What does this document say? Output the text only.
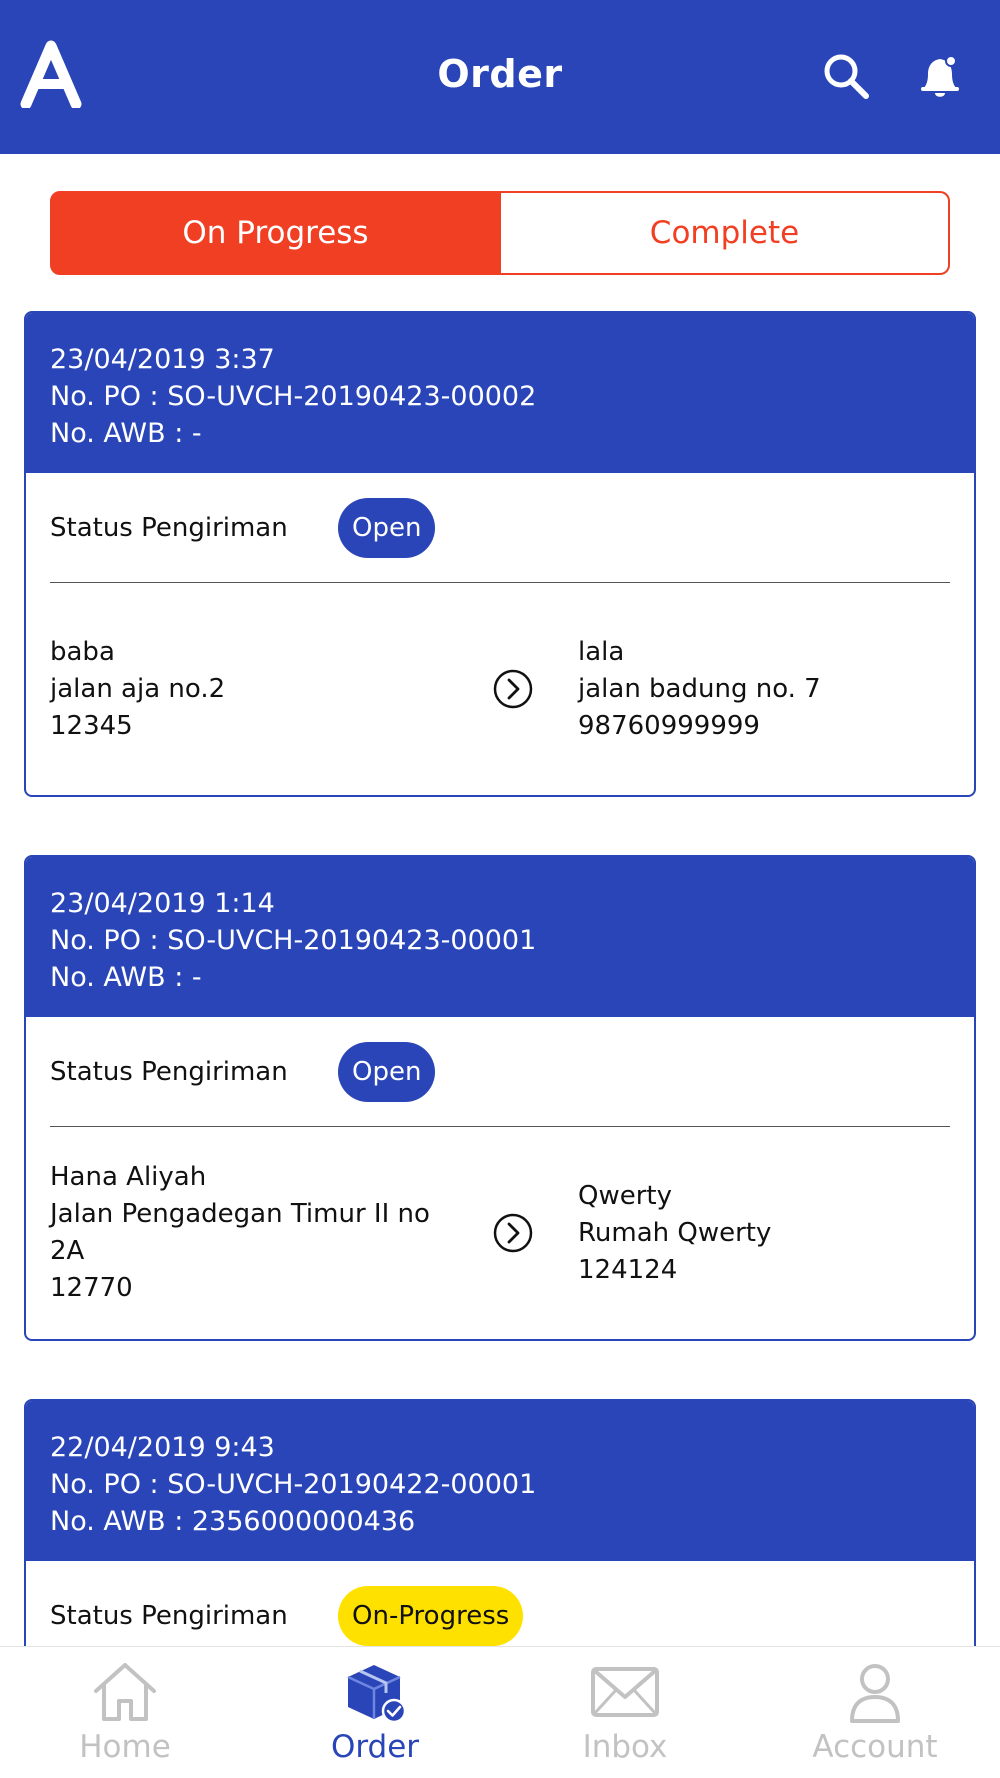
Order
On Progress	Complete
23/04/2019 3:37
No. PO : SO-UVCH-20190423-00002
No. AWB : -
Status Pengiriman	Open
baba
jalan aja no.2
12345
lala
jalan badung no. 7
98760999999
23/04/2019 1:14
No. PO : SO-UVCH-20190423-00001
No. AWB : -
Status Pengiriman	Open
Hana Aliyah
Jalan Pengadegan Timur II no 2A
12770
Qwerty
Rumah Qwerty
124124
22/04/2019 9:43
No. PO : SO-UVCH-20190422-00001
No. AWB : 2356000000436
Status Pengiriman	On-Progress
Home	Order	Inbox	Account
